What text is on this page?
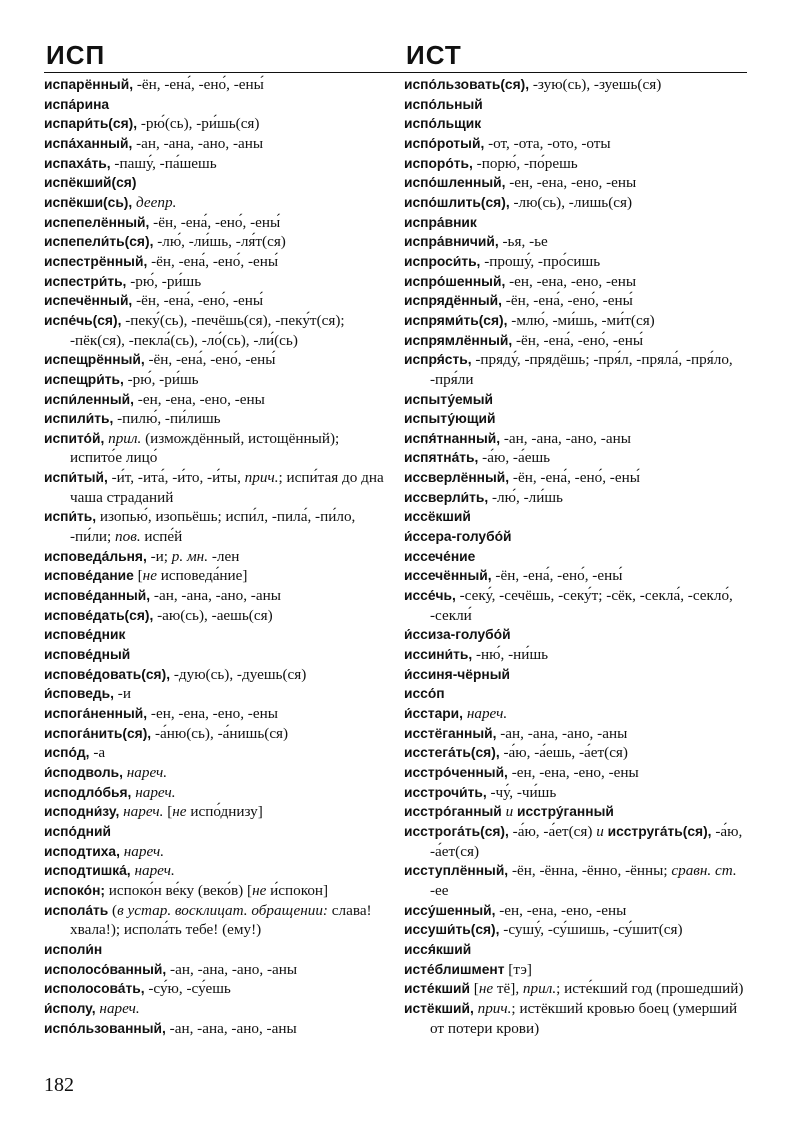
ИСП	ИСТ
испарённый, -ён, -ена́, -ено́, -ены́
испа́рина
испари́ть(ся), -рю́(сь), -ри́шь(ся)
испа́ханный, -ан, -ана, -ано, -аны
испаха́ть, -пашу́, -па́шешь
испёкший(ся)
испёкши(сь), деепр.
испепелённый, -ён, -ена́, -ено́, -ены́
испепели́ть(ся), -лю́, -ли́шь, -ля́т(ся)
испестрённый, -ён, -ена́, -ено́, -ены́
испестри́ть, -рю́, -ри́шь
испечённый, -ён, -ена́, -ено́, -ены́
испе́чь(ся), -пеку́(сь), -печёшь(ся), -пеку́т(ся); -пёк(ся), -пекла́(сь), -ло́(сь), -ли́(сь)
испещрённый, -ён, -ена́, -ено́, -ены́
испещри́ть, -рю́, -ри́шь
испи́ленный, -ен, -ена, -ено, -ены
испили́ть, -пилю́, -пи́лишь
испито́й, прил. (измождённый, истощённый); испито́е лицо́
испи́тый, -и́т, -ита́, -и́то, -и́ты, прич.; испи́тая до дна чаша страданий
испи́ть, изопью́, изопьёшь; испи́л, -пила́, -пи́ло, -пи́ли; пов. испе́й
исповеда́льня, -и; р. мн. -лен
испове́дание [не исповеда́ние]
испове́данный, -ан, -ана, -ано, -аны
испове́дать(ся), -аю(сь), -аешь(ся)
испове́дник
испове́дный
испове́довать(ся), -дую(сь), -дуешь(ся)
и́споведь, -и
испога́ненный, -ен, -ена, -ено, -ены
испога́нить(ся), -а́ню(сь), -а́нишь(ся)
испо́д, -а
и́сподволь, нареч.
исподло́бья, нареч.
исподни́зу, нареч. [не испо́днизу]
испо́дний
исподтиха, нареч.
исподтишка́, нареч.
испоко́н; испоко́н ве́ку (веко́в) [не и́спокон]
испола́ть (в устар. восклицат. обращении: слава! хвала!); испола́ть тебе! (ему!)
исполи́н
исполосо́ванный, -ан, -ана, -ано, -аны
исполосова́ть, -су́ю, -су́ешь
и́сполу, нареч.
испо́льзованный, -ан, -ана, -ано, -аны
испо́льзовать(ся), -зую(сь), -зуешь(ся)
испо́льный
испо́льщик
испо́ротый, -от, -ота, -ото, -оты
испоро́ть, -порю́, -по́решь
испо́шленный, -ен, -ена, -ено, -ены
испо́шлить(ся), -лю(сь), -лишь(ся)
испра́вник
испра́вничий, -ья, -ье
испроси́ть, -прошу́, -про́сишь
испро́шенный, -ен, -ена, -ено, -ены
испрядённый, -ён, -ена́, -ено́, -ены́
испрями́ть(ся), -млю́, -ми́шь, -ми́т(ся)
испрямлённый, -ён, -ена́, -ено́, -ены́
испря́сть, -пряду́, -прядёшь; -пря́л, -пряла́, -пря́ло, -пря́ли
испыту́емый
испыту́ющий
испя́тнанный, -ан, -ана, -ано, -аны
испятна́ть, -а́ю, -а́ешь
иссверлённый, -ён, -ена́, -ено́, -ены́
иссверли́ть, -лю́, -ли́шь
иссёкший
и́ссера-голубо́й
иссече́ние
иссечённый, -ён, -ена́, -ено́, -ены́
иссе́чь, -секу́, -сечёшь, -секу́т; -сёк, -секла́, -секло́, -секли́
и́ссиза-голубо́й
иссини́ть, -ню́, -ни́шь
и́ссиня-чёрный
иссо́п
и́сстари, нареч.
исстёганный, -ан, -ана, -ано, -аны
исстега́ть(ся), -а́ю, -а́ешь, -а́ет(ся)
исстро́ченный, -ен, -ена, -ено, -ены
исстрочи́ть, -чу́, -чи́шь
исстро́ганный и исстру́ганный
исстрога́ть(ся), -а́ю, -а́ет(ся) и исструга́ть(ся), -а́ю, -а́ет(ся)
исступлённый, -ён, -ённа, -ённо, -ённы; сравн. ст. -ее
иссу́шенный, -ен, -ена, -ено, -ены
иссуши́ть(ся), -сушу́, -су́шишь, -су́шит(ся)
исся́кший
исте́блишмент [тэ]
исте́кший [не тё], прил.; исте́кший год (прошедший)
истёкший, прич.; истёкший кровью боец (умерший от потери крови)
182
